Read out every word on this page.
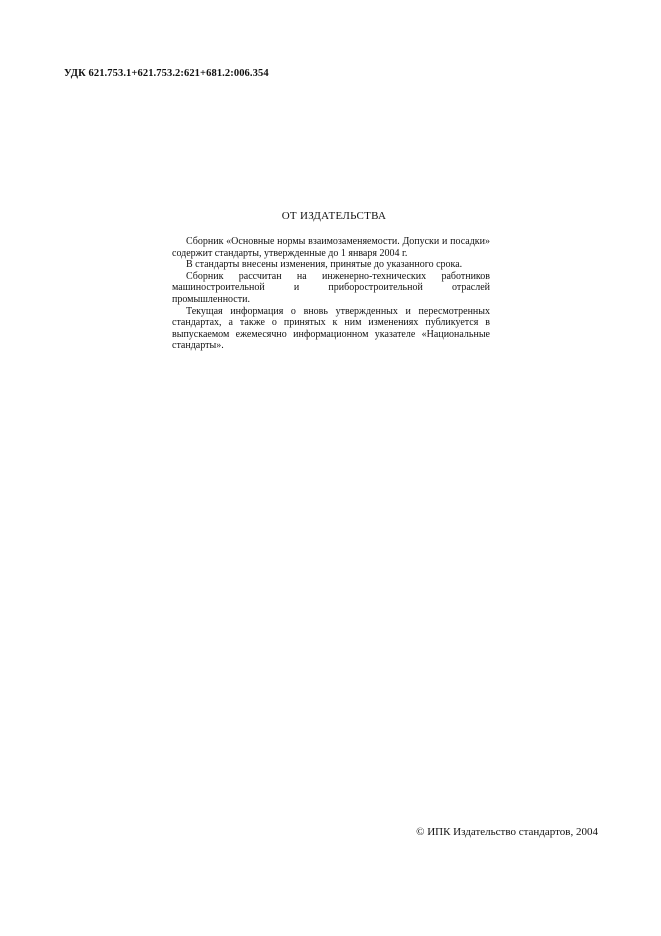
УДК 621.753.1+621.753.2:621+681.2:006.354
ОТ ИЗДАТЕЛЬСТВА

Сборник «Основные нормы взаимозаменяемости. Допуски и посадки» содержит стандарты, утвержденные до 1 января 2004 г.

В стандарты внесены изменения, принятые до указанного срока.

Сборник рассчитан на инженерно-технических работников машиностроительной и приборостроительной отраслей промышленности.

Текущая информация о вновь утвержденных и пересмотренных стандартах, а также о принятых к ним изменениях публикуется в выпускаемом ежемесячно информационном указателе «Национальные стандарты».

© ИПК Издательство стандартов, 2004
